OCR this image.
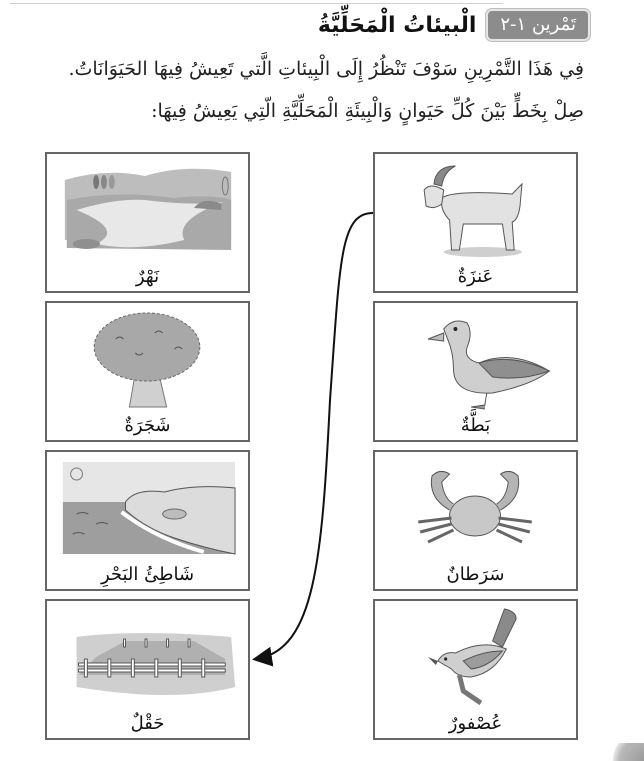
تَمْرين ١-٢
الْبيئاتُ الْمَحَلِّيَّةُ
فِي هَذَا التَّمْرِينِ سَوْفَ تَنْظُرُ إِلَى الْبِيئاتِ الَّتي تَعِيشُ فِيهَا الحَيَوَانَاتُ.
صِلْ بِخَطٍّ بَيْنَ كُلِّ حَيَوانٍ وَالْبِيئَةِ الْمَحَلِّيَّةِ الّتِي يَعِيشُ فِيهَا:
نَهْرٌ
شَجَرَةٌ
شَاطِئُ البَحْرِ
حَقْلٌ
عَنزَةٌ
بَطَّةٌ
سَرَطانٌ
عُصْفورٌ
